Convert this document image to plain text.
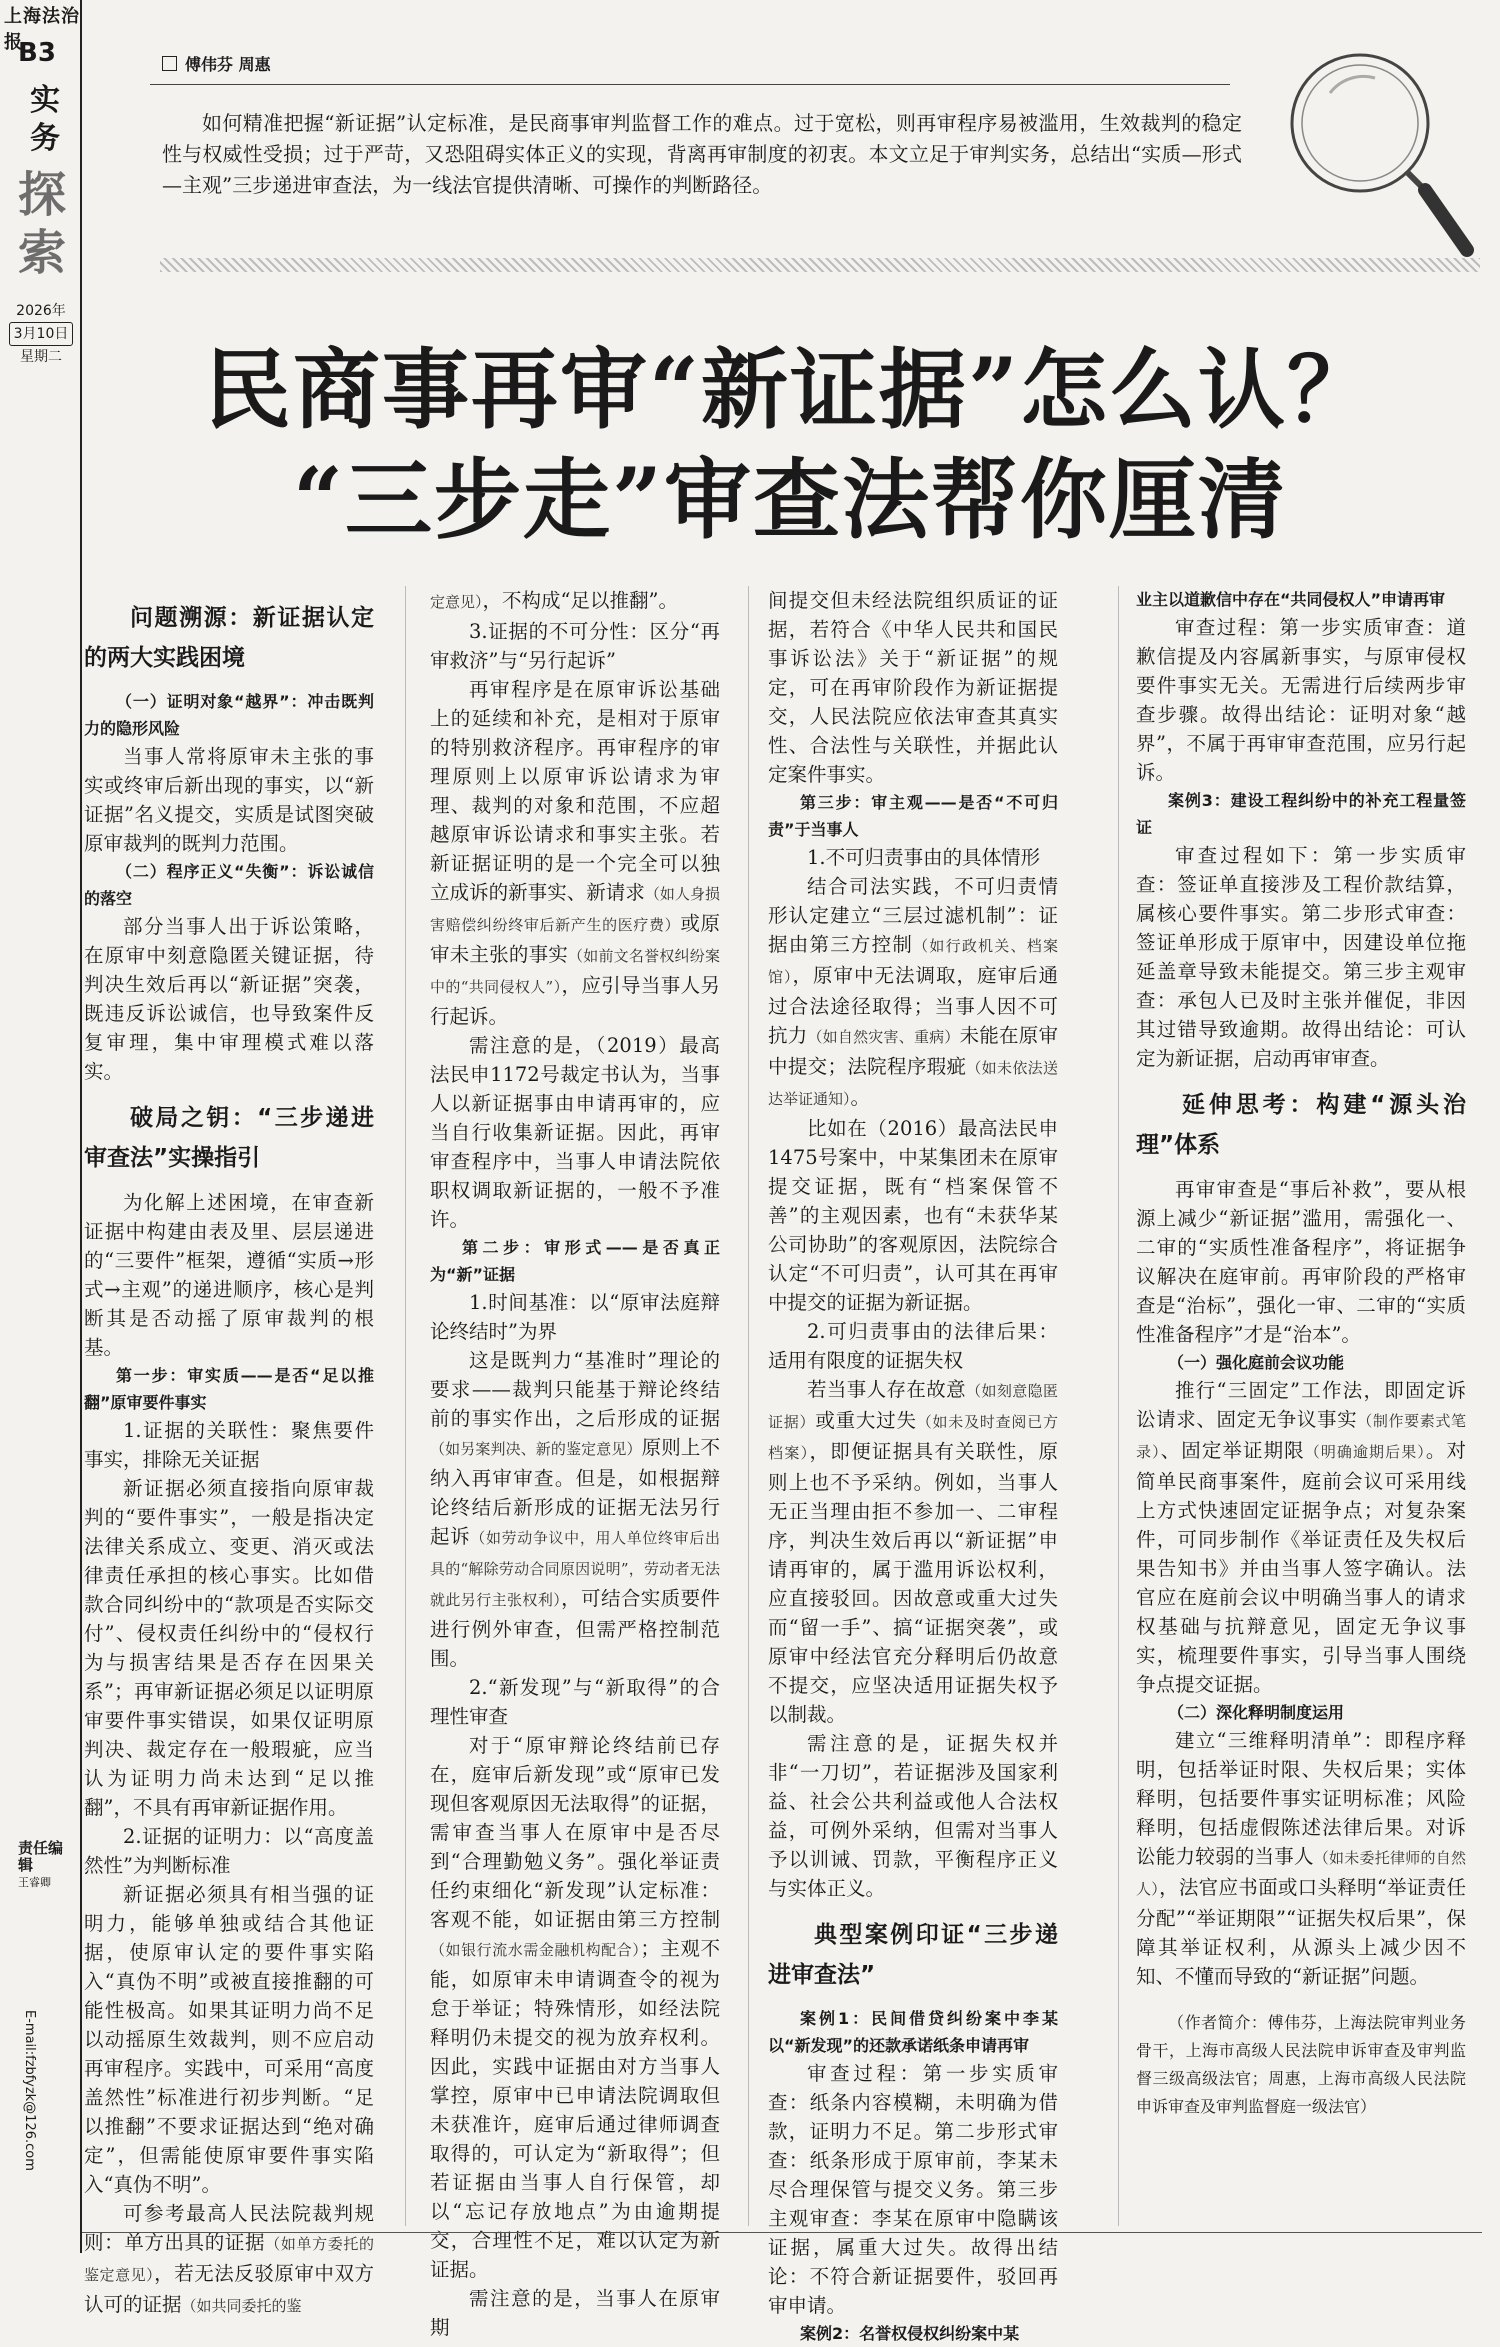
上海法治报
B3
实务
探索
2026年
3月10日
星期二
责任编辑
王睿卿
E-mail:fzbfyzk@126.com
傅伟芬 周惠
如何精准把握“新证据”认定标准，是民商事审判监督工作的难点。过于宽松，则再审程序易被滥用，生效裁判的稳定性与权威性受损；过于严苛，又恐阻碍实体正义的实现，背离再审制度的初衷。本文立足于审判实务，总结出“实质—形式—主观”三步递进审查法，为一线法官提供清晰、可操作的判断路径。
民商事再审“新证据”怎么认？
“三步走”审查法帮你厘清
问题溯源：新证据认定的两大实践困境

（一）证明对象“越界”：冲击既判力的隐形风险

当事人常将原审未主张的事实或终审后新出现的事实，以“新证据”名义提交，实质是试图突破原审裁判的既判力范围。

（二）程序正义“失衡”：诉讼诚信的落空

部分当事人出于诉讼策略，在原审中刻意隐匿关键证据，待判决生效后再以“新证据”突袭，既违反诉讼诚信，也导致案件反复审理，集中审理模式难以落实。

破局之钥：“三步递进审查法”实操指引

为化解上述困境，在审查新证据中构建由表及里、层层递进的“三要件”框架，遵循“实质→形式→主观”的递进顺序，核心是判断其是否动摇了原审裁判的根基。

第一步：审实质——是否“足以推翻”原审要件事实

1.证据的关联性：聚焦要件事实，排除无关证据

新证据必须直接指向原审裁判的“要件事实”，一般是指决定法律关系成立、变更、消灭或法律责任承担的核心事实。比如借款合同纠纷中的“款项是否实际交付”、侵权责任纠纷中的“侵权行为与损害结果是否存在因果关系”；再审新证据必须足以证明原审要件事实错误，如果仅证明原判决、裁定存在一般瑕疵，应当认为证明力尚未达到“足以推翻”，不具有再审新证据作用。

2.证据的证明力：以“高度盖然性”为判断标准

新证据必须具有相当强的证明力，能够单独或结合其他证据，使原审认定的要件事实陷入“真伪不明”或被直接推翻的可能性极高。如果其证明力尚不足以动摇原生效裁判，则不应启动再审程序。实践中，可采用“高度盖然性”标准进行初步判断。“足以推翻”不要求证据达到“绝对确定”，但需能使原审要件事实陷入“真伪不明”。

可参考最高人民法院裁判规则：单方出具的证据（如单方委托的鉴定意见），若无法反驳原审中双方认可的证据（如共同委托的鉴

定意见），不构成“足以推翻”。

3.证据的不可分性：区分“再审救济”与“另行起诉”

再审程序是在原审诉讼基础上的延续和补充，是相对于原审的特别救济程序。再审程序的审理原则上以原审诉讼请求为审理、裁判的对象和范围，不应超越原审诉讼请求和事实主张。若新证据证明的是一个完全可以独立成诉的新事实、新请求（如人身损害赔偿纠纷终审后新产生的医疗费）或原审未主张的事实（如前文名誉权纠纷案中的“共同侵权人”），应引导当事人另行起诉。

需注意的是，（2019）最高法民申1172号裁定书认为，当事人以新证据事由申请再审的，应当自行收集新证据。因此，再审审查程序中，当事人申请法院依职权调取新证据的，一般不予准许。

第二步：审形式——是否真正为“新”证据

1.时间基准：以“原审法庭辩论终结时”为界

这是既判力“基准时”理论的要求——裁判只能基于辩论终结前的事实作出，之后形成的证据（如另案判决、新的鉴定意见）原则上不纳入再审审查。但是，如根据辩论终结后新形成的证据无法另行起诉（如劳动争议中，用人单位终审后出具的“解除劳动合同原因说明”，劳动者无法就此另行主张权利），可结合实质要件进行例外审查，但需严格控制范围。

2.“新发现”与“新取得”的合理性审查

对于“原审辩论终结前已存在，庭审后新发现”或“原审已发现但客观原因无法取得”的证据，需审查当事人在原审中是否尽到“合理勤勉义务”。强化举证责任约束细化“新发现”认定标准：客观不能，如证据由第三方控制（如银行流水需金融机构配合）；主观不能，如原审未申请调查令的视为怠于举证；特殊情形，如经法院释明仍未提交的视为放弃权利。因此，实践中证据由对方当事人掌控，原审中已申请法院调取但未获准许，庭审后通过律师调查取得的，可认定为“新取得”；但若证据由当事人自行保管，却以“忘记存放地点”为由逾期提交，合理性不足，难以认定为新证据。

需注意的是，当事人在原审期

间提交但未经法院组织质证的证据，若符合《中华人民共和国民事诉讼法》关于“新证据”的规定，可在再审阶段作为新证据提交，人民法院应依法审查其真实性、合法性与关联性，并据此认定案件事实。

第三步：审主观——是否“不可归责”于当事人

1.不可归责事由的具体情形

结合司法实践，不可归责情形认定建立“三层过滤机制”：证据由第三方控制（如行政机关、档案馆），原审中无法调取，庭审后通过合法途径取得；当事人因不可抗力（如自然灾害、重病）未能在原审中提交；法院程序瑕疵（如未依法送达举证通知）。

比如在（2016）最高法民申1475号案中，中某集团未在原审提交证据，既有“档案保管不善”的主观因素，也有“未获华某公司协助”的客观原因，法院综合认定“不可归责”，认可其在再审中提交的证据为新证据。

2.可归责事由的法律后果：适用有限度的证据失权

若当事人存在故意（如刻意隐匿证据）或重大过失（如未及时查阅已方档案），即便证据具有关联性，原则上也不予采纳。例如，当事人无正当理由拒不参加一、二审程序，判决生效后再以“新证据”申请再审的，属于滥用诉讼权利，应直接驳回。因故意或重大过失而“留一手”、搞“证据突袭”，或原审中经法官充分释明后仍故意不提交，应坚决适用证据失权予以制裁。

需注意的是，证据失权并非“一刀切”，若证据涉及国家利益、社会公共利益或他人合法权益，可例外采纳，但需对当事人予以训诫、罚款，平衡程序正义与实体正义。

典型案例印证“三步递进审查法”

案例1：民间借贷纠纷案中李某以“新发现”的还款承诺纸条申请再审

审查过程：第一步实质审查：纸条内容模糊，未明确为借款，证明力不足。第二步形式审查：纸条形成于原审前，李某未尽合理保管与提交义务。第三步主观审查：李某在原审中隐瞒该证据，属重大过失。故得出结论：不符合新证据要件，驳回再审申请。

案例2：名誉权侵权纠纷案中某

业主以道歉信中存在“共同侵权人”申请再审

审查过程：第一步实质审查：道歉信提及内容属新事实，与原审侵权要件事实无关。无需进行后续两步审查步骤。故得出结论：证明对象“越界”，不属于再审审查范围，应另行起诉。

案例3：建设工程纠纷中的补充工程量签证

审查过程如下：第一步实质审查：签证单直接涉及工程价款结算，属核心要件事实。第二步形式审查：签证单形成于原审中，因建设单位拖延盖章导致未能提交。第三步主观审查：承包人已及时主张并催促，非因其过错导致逾期。故得出结论：可认定为新证据，启动再审审查。

延伸思考：构建“源头治理”体系

再审审查是“事后补救”，要从根源上减少“新证据”滥用，需强化一、二审的“实质性准备程序”，将证据争议解决在庭审前。再审阶段的严格审查是“治标”，强化一审、二审的“实质性准备程序”才是“治本”。

（一）强化庭前会议功能

推行“三固定”工作法，即固定诉讼请求、固定无争议事实（制作要素式笔录）、固定举证期限（明确逾期后果）。对简单民商事案件，庭前会议可采用线上方式快速固定证据争点；对复杂案件，可同步制作《举证责任及失权后果告知书》并由当事人签字确认。法官应在庭前会议中明确当事人的请求权基础与抗辩意见，固定无争议事实，梳理要件事实，引导当事人围绕争点提交证据。

（二）深化释明制度运用

建立“三维释明清单”：即程序释明，包括举证时限、失权后果；实体释明，包括要件事实证明标准；风险释明，包括虚假陈述法律后果。对诉讼能力较弱的当事人（如未委托律师的自然人），法官应书面或口头释明“举证责任分配”“举证期限”“证据失权后果”，保障其举证权利，从源头上减少因不知、不懂而导致的“新证据”问题。

（作者简介：傅伟芬，上海法院审判业务骨干，上海市高级人民法院申诉审查及审判监督三级高级法官；周惠，上海市高级人民法院申诉审查及审判监督庭一级法官）
